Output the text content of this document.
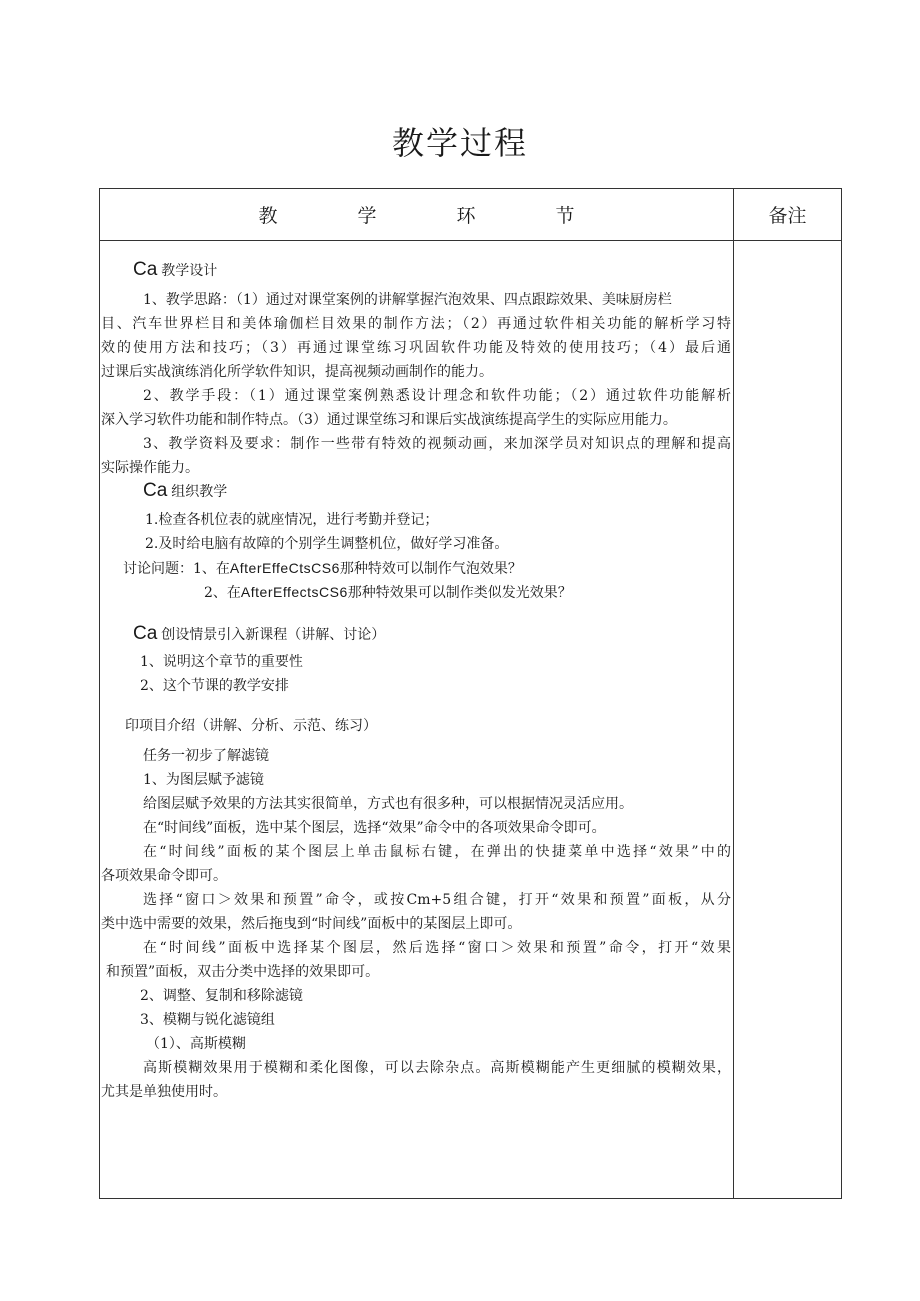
教学过程
教	学	环	节	备注
Ca 教学设计
1、教学思路：（1）通过对课堂案例的讲解掌握汽泡效果、四点跟踪效果、美味厨房栏
目、汽车世界栏目和美体瑜伽栏目效果的制作方法；（2）再通过软件相关功能的解析学习特
效的使用方法和技巧；（3）再通过课堂练习巩固软件功能及特效的使用技巧；（4）最后通
过课后实战演练消化所学软件知识，提高视频动画制作的能力。
2、教学手段：（1）通过课堂案例熟悉设计理念和软件功能；（2）通过软件功能解析
深入学习软件功能和制作特点。（3）通过课堂练习和课后实战演练提高学生的实际应用能力。
3、教学资料及要求：制作一些带有特效的视频动画，来加深学员对知识点的理解和提高
实际操作能力。
Ca 组织教学
1.检查各机位表的就座情况，进行考勤并登记；
2.及时给电脑有故障的个别学生调整机位，做好学习准备。
讨论问题：1、在AfterEffeCtsCS6那种特效可以制作气泡效果？
2、在AfterEffectsCS6那种特效果可以制作类似发光效果？
Ca 创设情景引入新课程（讲解、讨论）
1、说明这个章节的重要性
2、这个节课的教学安排
印项目介绍（讲解、分析、示范、练习）
任务一初步了解滤镜
1、为图层赋予滤镜
给图层赋予效果的方法其实很简单，方式也有很多种，可以根据情况灵活应用。
在“时间线”面板，选中某个图层，选择“效果”命令中的各项效果命令即可。
在“时间线”面板的某个图层上单击鼠标右键，在弹出的快捷菜单中选择“效果”中的
各项效果命令即可。
选择“窗口＞效果和预置”命令，或按Cm+5组合键，打开“效果和预置”面板，从分
类中选中需要的效果，然后拖曳到“时间线”面板中的某图层上即可。
在“时间线”面板中选择某个图层，然后选择“窗口＞效果和预置”命令，打开“效果
和预置”面板，双击分类中选择的效果即可。
2、调整、复制和移除滤镜
3、模糊与锐化滤镜组
（1）、高斯模糊
高斯模糊效果用于模糊和柔化图像，可以去除杂点。高斯模糊能产生更细腻的模糊效果，
尤其是单独使用时。
